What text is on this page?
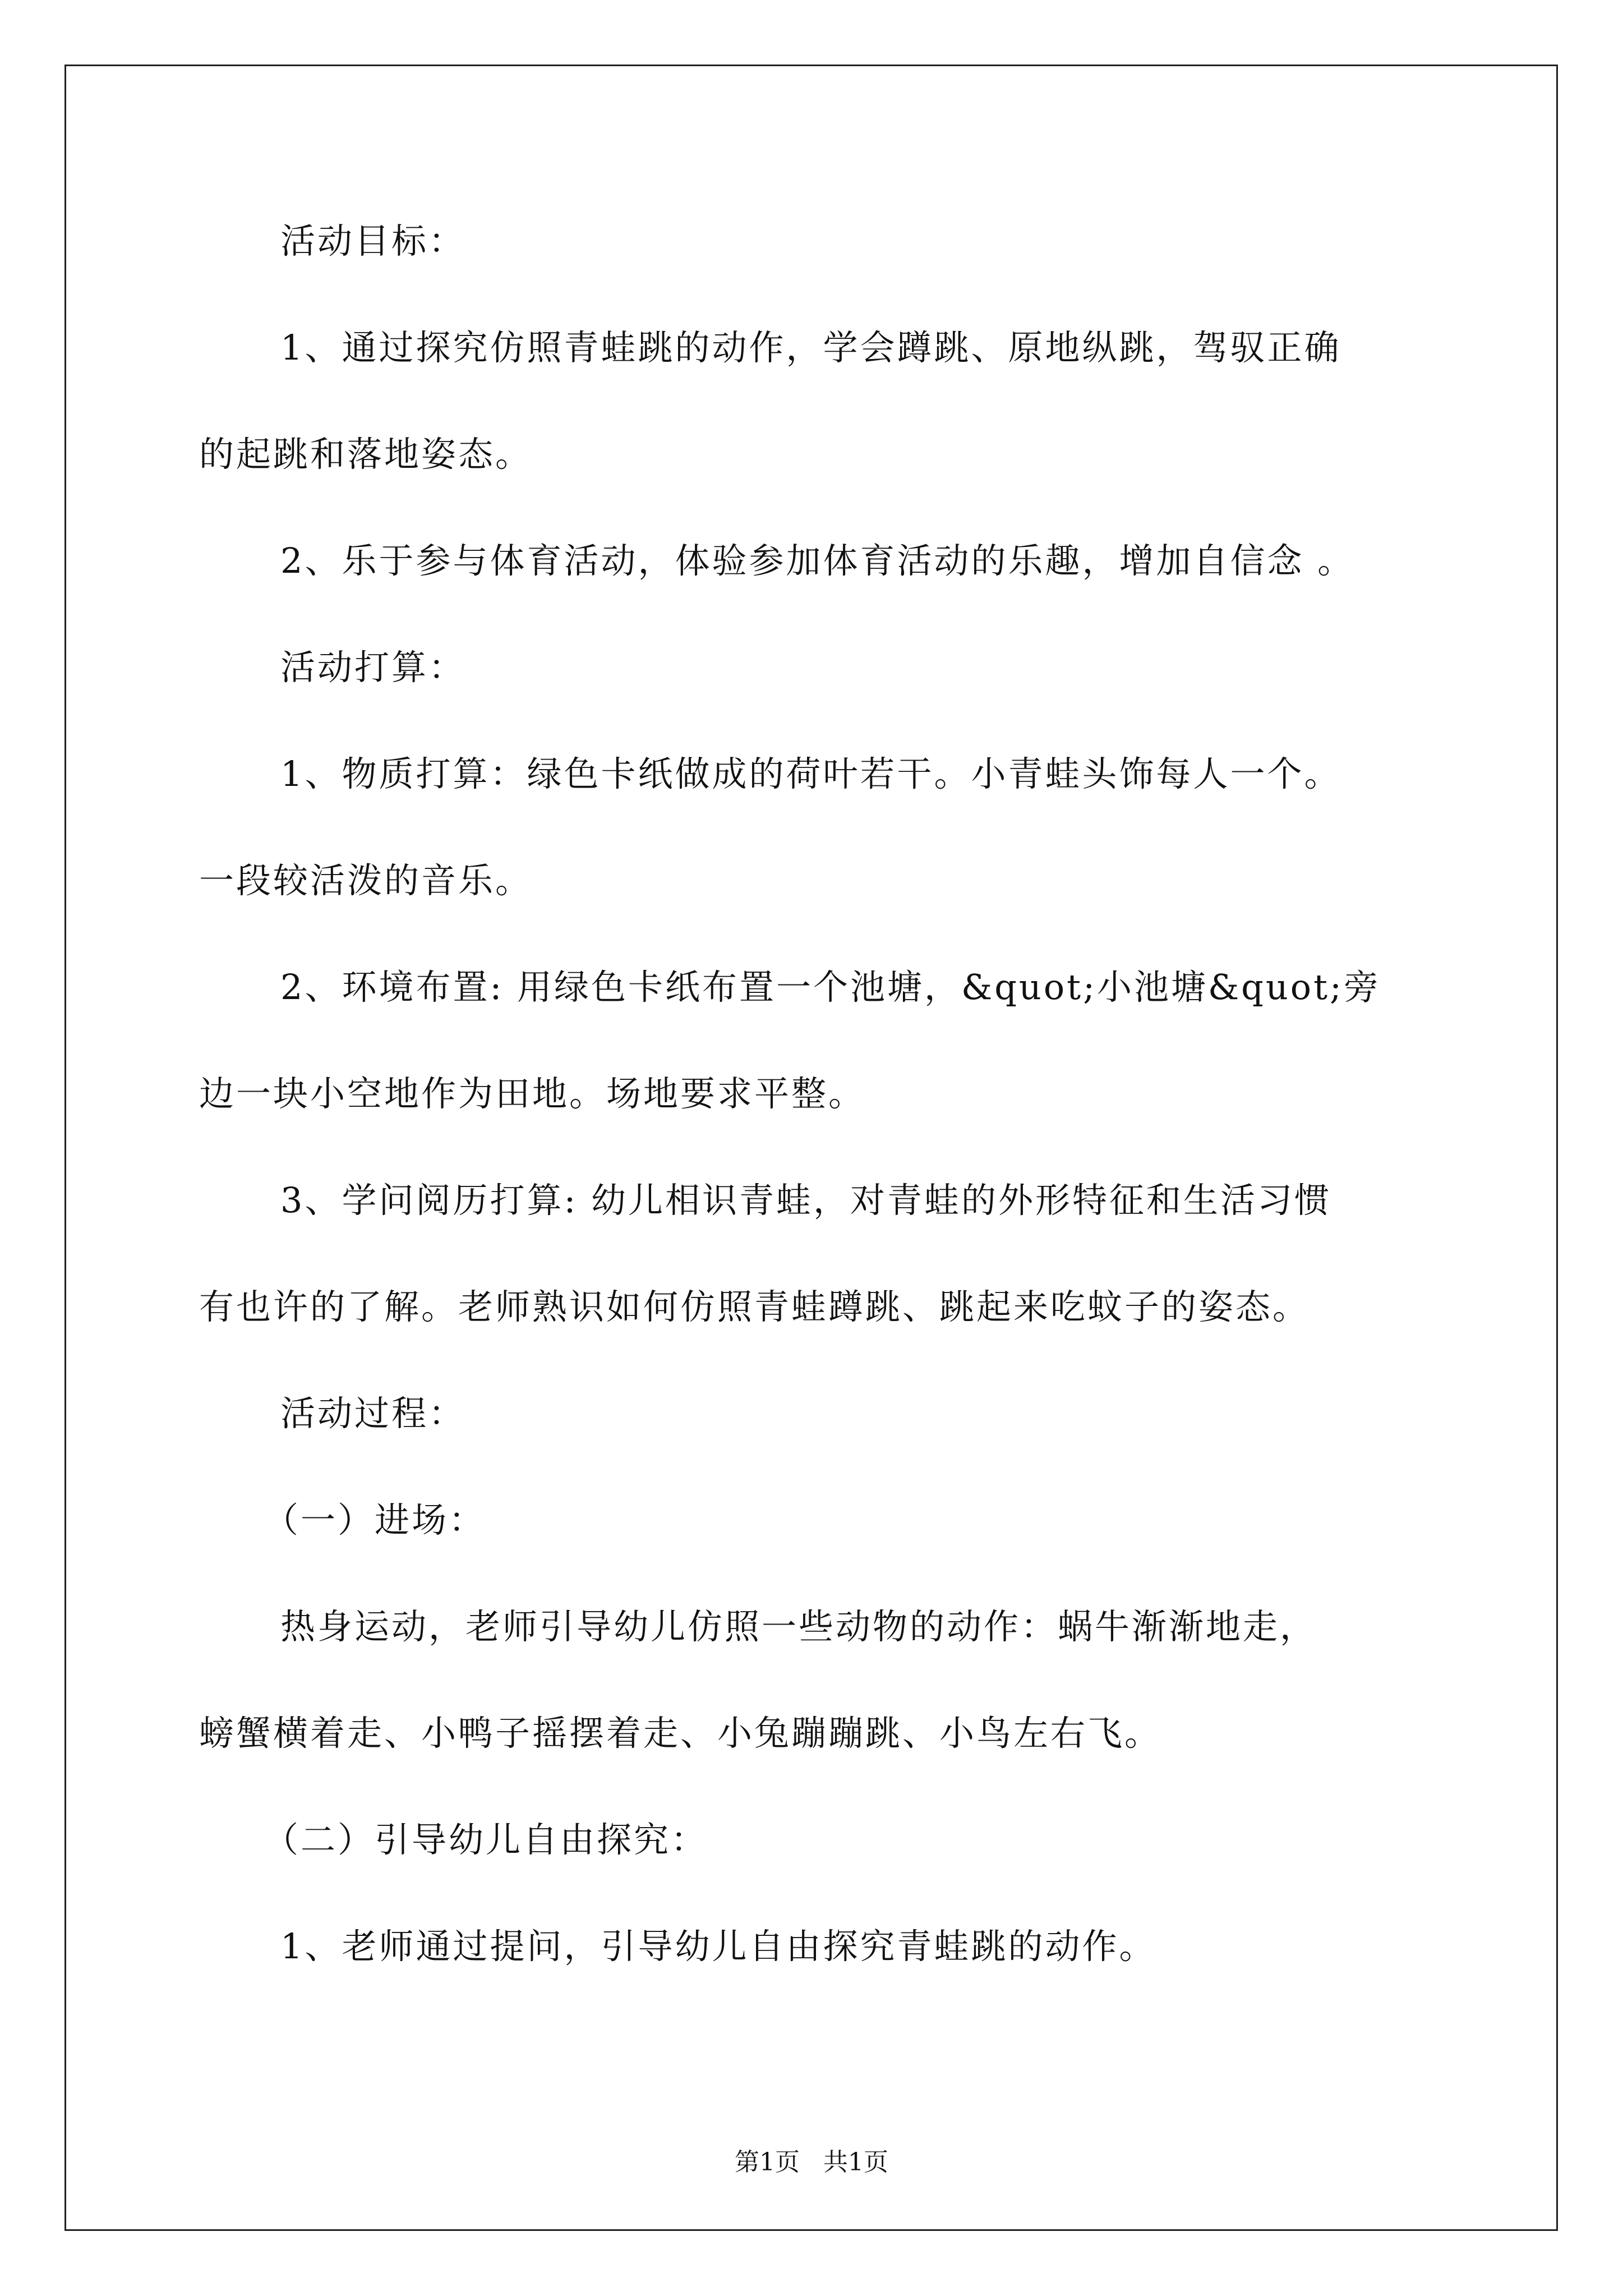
活动目标：
1、通过探究仿照青蛙跳的动作，学会蹲跳、原地纵跳，驾驭正确
的起跳和落地姿态。
2、乐于参与体育活动，体验参加体育活动的乐趣，增加自信念 。
活动打算：
1、物质打算：绿色卡纸做成的荷叶若干。小青蛙头饰每人一个。
一段较活泼的音乐。
2、环境布置: 用绿色卡纸布置一个池塘，&quot;小池塘&quot;旁
边一块小空地作为田地。场地要求平整。
3、学问阅历打算: 幼儿相识青蛙，对青蛙的外形特征和生活习惯
有也许的了解。老师熟识如何仿照青蛙蹲跳、跳起来吃蚊子的姿态。
活动过程：
（一）进场：
热身运动，老师引导幼儿仿照一些动物的动作：蜗牛渐渐地走，
螃蟹横着走、小鸭子摇摆着走、小兔蹦蹦跳、小鸟左右飞。
（二）引导幼儿自由探究：
1、老师通过提问，引导幼儿自由探究青蛙跳的动作。
第1页   共1页
